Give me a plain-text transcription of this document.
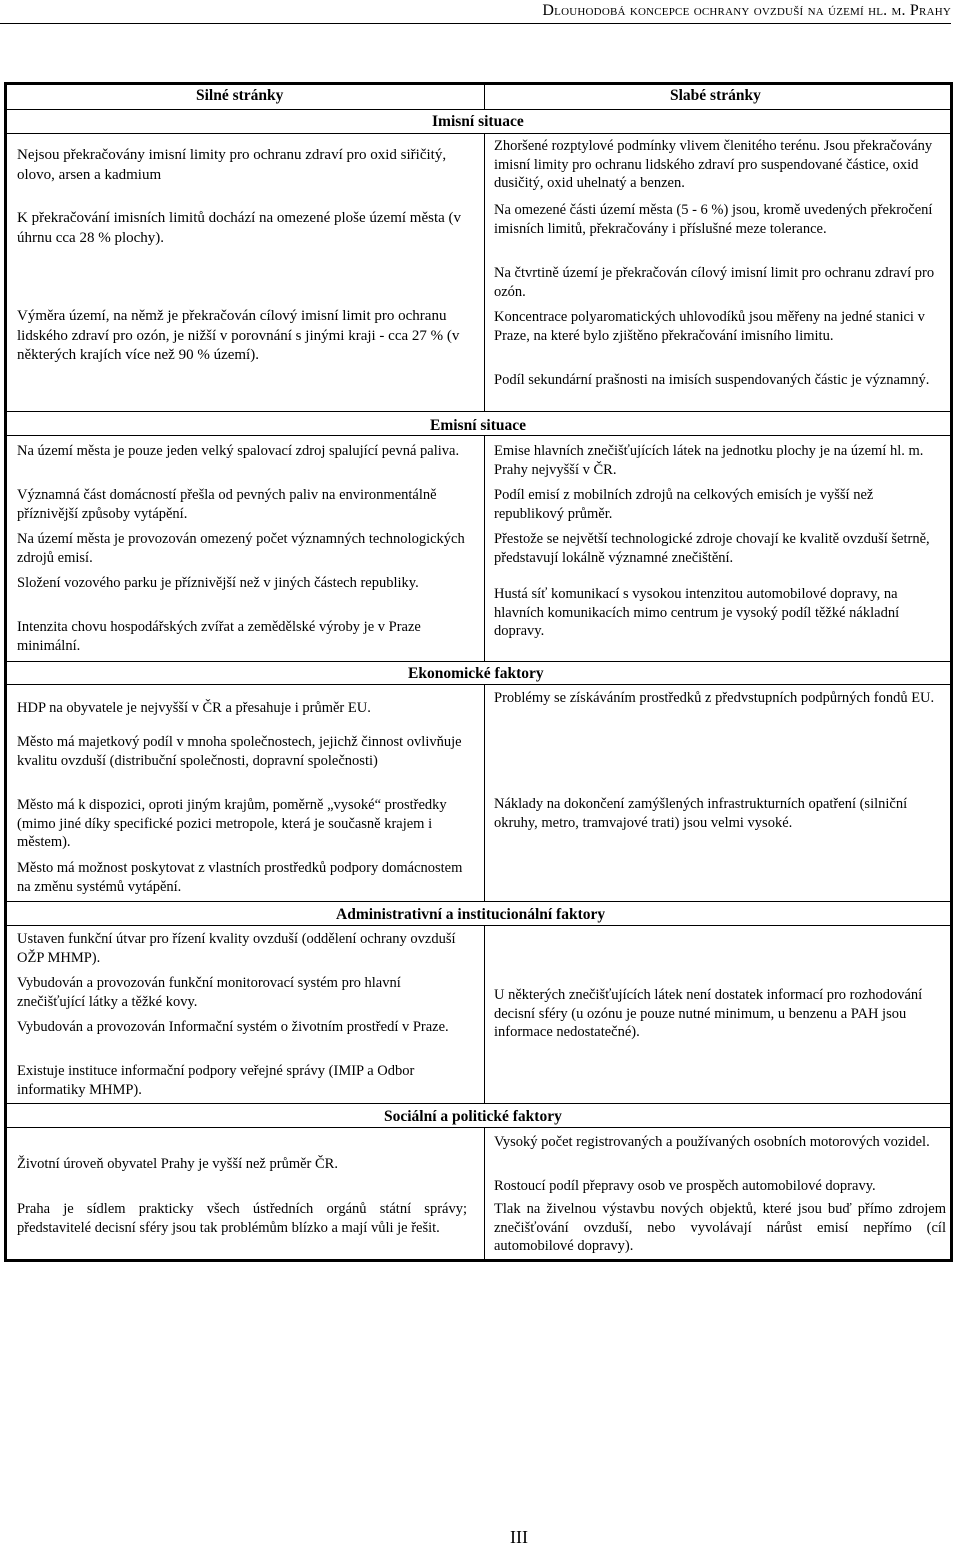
Dlouhodobá koncepce ochrany ovzduší na území hl. m. Prahy
Silné stránky	Slabé stránky
Imisní situace
Nejsou překračovány imisní limity pro ochranu zdraví pro oxid siřičitý, olovo, arsen a kadmium
K překračování imisních limitů dochází na omezené ploše území města (v úhrnu cca 28 % plochy).
Výměra území, na němž je překračován cílový imisní limit pro ochranu lidského zdraví pro ozón, je nižší v porovnání s jinými kraji - cca 27 % (v některých krajích více než 90 % území).
Zhoršené rozptylové podmínky vlivem členitého terénu. Jsou překračovány imisní limity pro ochranu lidského zdraví pro suspendované částice, oxid dusičitý, oxid uhelnatý a benzen.
Na omezené části území města (5 - 6 %) jsou, kromě uvedených překročení imisních limitů, překračovány i příslušné meze tolerance.
Na čtvrtině území je překračován cílový imisní limit pro ochranu zdraví pro ozón.
Koncentrace polyaromatických uhlovodíků jsou měřeny na jedné stanici v Praze, na které bylo zjištěno překračování imisního limitu.
Podíl sekundární prašnosti na imisích suspendovaných částic je významný.
Emisní situace
Na území města je pouze jeden velký spalovací zdroj spalující pevná paliva.
Významná část domácností přešla od pevných paliv na environmentálně příznivější způsoby vytápění.
Na území města je provozován omezený počet významných technologických zdrojů emisí.
Složení vozového parku je příznivější než v jiných částech republiky.
Intenzita chovu hospodářských zvířat a zemědělské výroby je v Praze minimální.
Emise hlavních znečišťujících látek na jednotku plochy je na území hl. m. Prahy nejvyšší v ČR.
Podíl emisí z mobilních zdrojů na celkových emisích je vyšší než republikový průměr.
Přestože se největší technologické zdroje chovají ke kvalitě ovzduší šetrně, představují lokálně významné znečištění.
Hustá síť komunikací s vysokou intenzitou automobilové dopravy, na hlavních komunikacích mimo centrum je vysoký podíl těžké nákladní dopravy.
Ekonomické faktory
HDP na obyvatele je nejvyšší v ČR a přesahuje i průměr EU.
Město má majetkový podíl v mnoha společnostech, jejichž činnost ovlivňuje kvalitu ovzduší (distribuční společnosti, dopravní společnosti)
Město má k dispozici, oproti jiným krajům, poměrně „vysoké“ prostředky (mimo jiné díky specifické pozici metropole, která je současně krajem i městem).
Město má možnost poskytovat z vlastních prostředků podpory domácnostem na změnu systémů vytápění.
Problémy se získáváním prostředků z předvstupních podpůrných fondů EU.
Náklady na dokončení zamýšlených infrastrukturních opatření (silniční okruhy, metro, tramvajové trati) jsou velmi vysoké.
Administrativní a institucionální faktory
Ustaven funkční útvar pro řízení kvality ovzduší (oddělení ochrany ovzduší OŽP MHMP).
Vybudován a provozován funkční monitorovací systém pro hlavní znečišťující látky a těžké kovy.
Vybudován a provozován Informační systém o životním prostředí v Praze.
Existuje instituce informační podpory veřejné správy (IMIP a Odbor informatiky MHMP).
U některých znečišťujících látek není dostatek informací pro rozhodování decisní sféry (u ozónu je pouze nutné minimum, u benzenu a PAH jsou informace nedostatečné).
Sociální a politické faktory
Životní úroveň obyvatel Prahy je vyšší než průměr ČR.
Praha je sídlem prakticky všech ústředních orgánů státní správy; představitelé decisní sféry jsou tak problémům blízko a mají vůli je řešit.
Vysoký počet registrovaných a používaných osobních motorových vozidel.
Rostoucí podíl přepravy osob ve prospěch automobilové dopravy.
Tlak na živelnou výstavbu nových objektů, které jsou buď přímo zdrojem znečišťování ovzduší, nebo vyvolávají nárůst emisí nepřímo (cíl automobilové dopravy).
III
